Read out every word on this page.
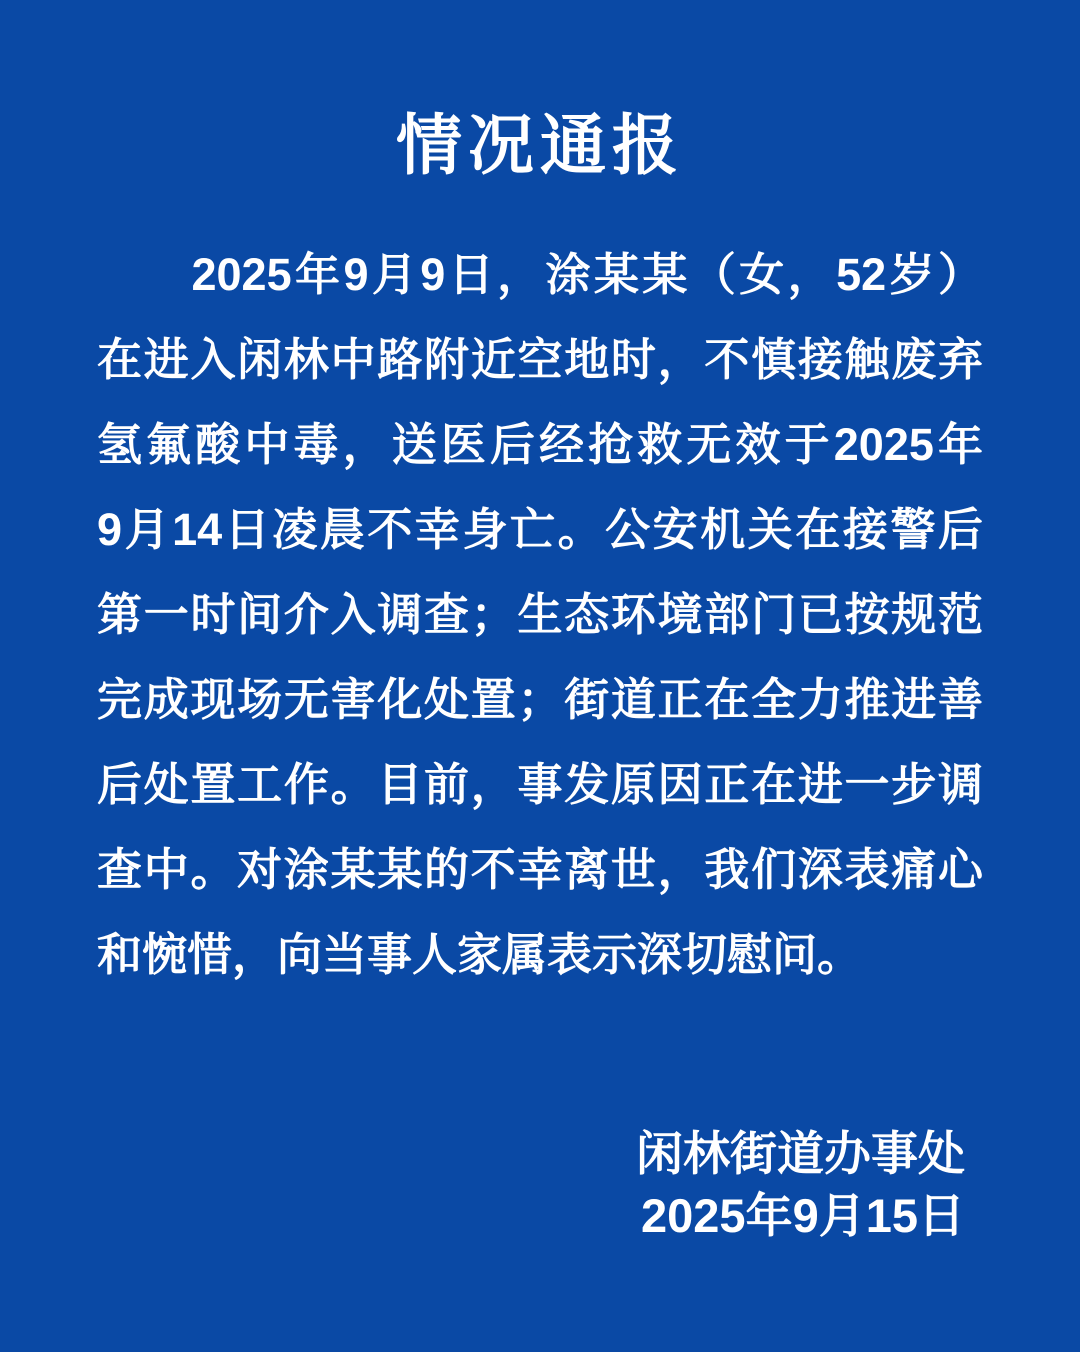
情况通报
2025年9月9日，涂某某（女，52岁）
在进入闲林中路附近空地时，不慎接触废弃
氢氟酸中毒，送医后经抢救无效于2025年
9月14日凌晨不幸身亡。公安机关在接警后
第一时间介入调查；生态环境部门已按规范
完成现场无害化处置；街道正在全力推进善
后处置工作。目前，事发原因正在进一步调
查中。对涂某某的不幸离世，我们深表痛心
和惋惜，向当事人家属表示深切慰问。
闲林街道办事处
2025年9月15日
